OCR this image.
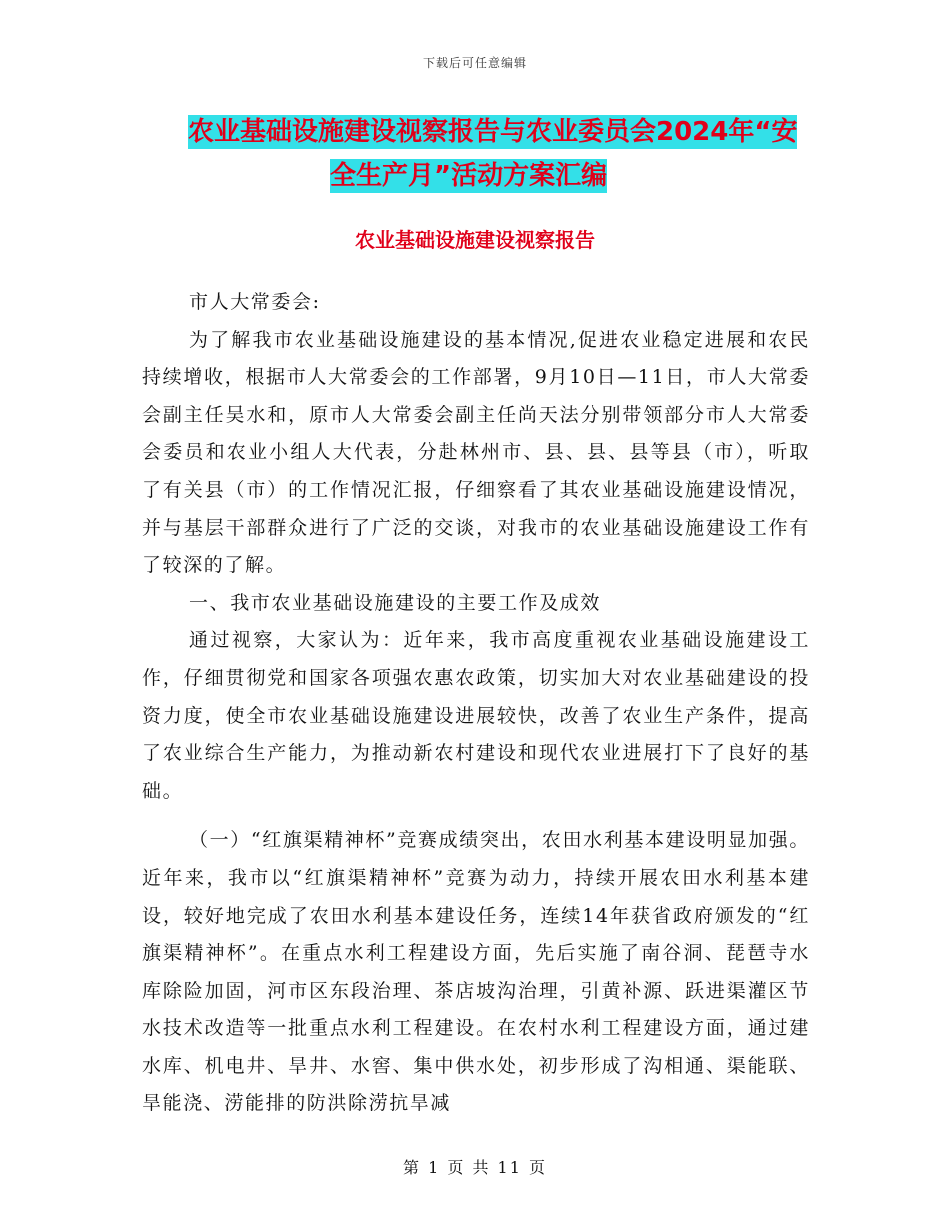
下载后可任意编辑
农业基础设施建设视察报告与农业委员会2024年“安
全生产月”活动方案汇编
农业基础设施建设视察报告

市人大常委会:

为了解我市农业基础设施建设的基本情况,促进农业稳定进展和农民持续增收，根据市人大常委会的工作部署，9月10日—11日，市人大常委会副主任吴水和，原市人大常委会副主任尚天法分别带领部分市人大常委会委员和农业小组人大代表，分赴林州市、县、县、县等县（市），听取了有关县（市）的工作情况汇报，仔细察看了其农业基础设施建设情况，并与基层干部群众进行了广泛的交谈，对我市的农业基础设施建设工作有了较深的了解。

一、我市农业基础设施建设的主要工作及成效

通过视察，大家认为：近年来，我市高度重视农业基础设施建设工作，仔细贯彻党和国家各项强农惠农政策，切实加大对农业基础建设的投资力度，使全市农业基础设施建设进展较快，改善了农业生产条件，提高了农业综合生产能力，为推动新农村建设和现代农业进展打下了良好的基础。

（一）“红旗渠精神杯”竞赛成绩突出，农田水利基本建设明显加强。近年来，我市以“红旗渠精神杯”竞赛为动力，持续开展农田水利基本建设，较好地完成了农田水利基本建设任务，连续14年获省政府颁发的“红旗渠精神杯”。在重点水利工程建设方面，先后实施了南谷洞、琵琶寺水库除险加固，河市区东段治理、茶店坡沟治理，引黄补源、跃进渠灌区节水技术改造等一批重点水利工程建设。在农村水利工程建设方面，通过建水库、机电井、旱井、水窖、集中供水处，初步形成了沟相通、渠能联、旱能浇、涝能排的防洪除涝抗旱减

第 1 页 共 11 页
